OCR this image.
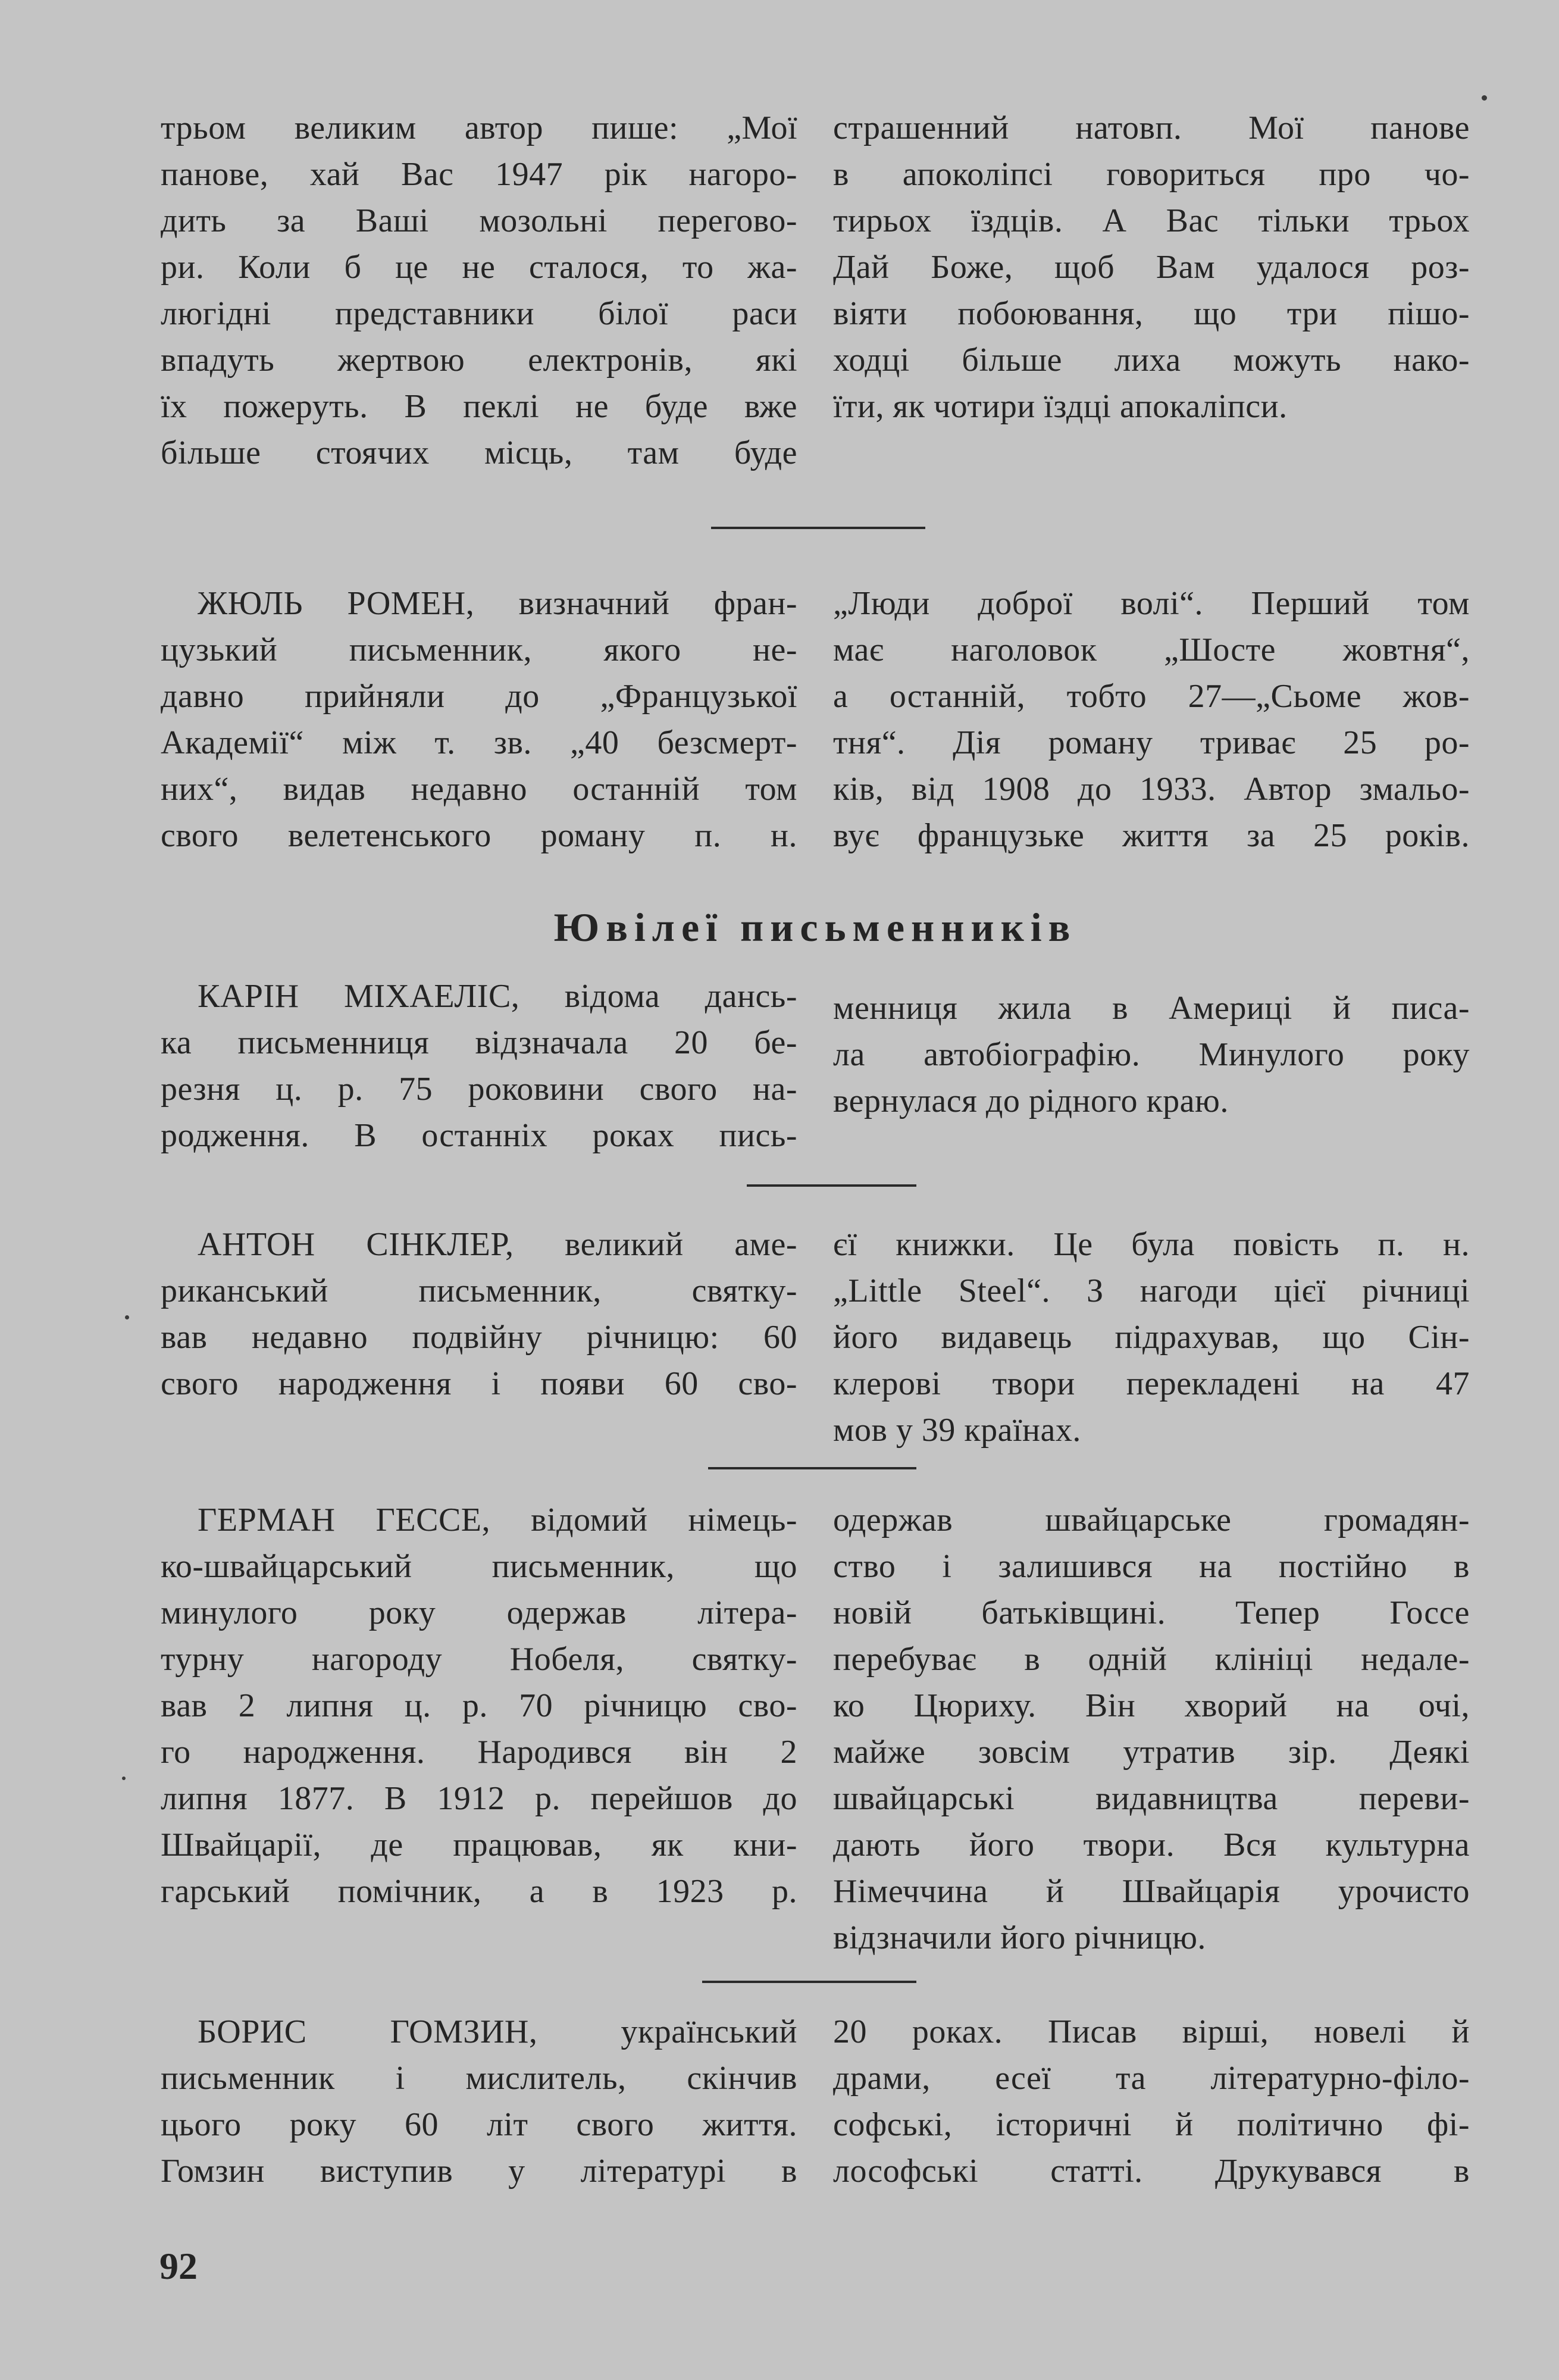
трьом великим автор пише: „Мої
панове, хай Вас 1947 рік нагоро-
дить за Ваші мозольні перегово-
ри. Коли б це не сталося, то жа-
люгідні представники білої раси
впадуть жертвою електронів, які
їх пожеруть. В пеклі не буде вже
більше стоячих місць, там буде
страшенний натовп. Мої панове
в апоколіпсі говориться про чо-
тирьох їздців. А Вас тільки трьох
Дай Боже, щоб Вам удалося роз-
віяти побоювання, що три пішо-
ходці більше лиха можуть нако-
їти, як чотири їздці апокаліпси.
ЖЮЛЬ РОМЕН, визначний фран-
цузький письменник, якого не-
давно прийняли до „Французької
Академії“ між т. зв. „40 безсмерт-
них“, видав недавно останній том
свого велетенського роману п. н.
„Люди доброї волі“. Перший том
має наголовок „Шосте жовтня“,
а останній, тобто 27—„Сьоме жов-
тня“. Дія роману триває 25 ро-
ків, від 1908 до 1933. Автор змальо-
вує французьке життя за 25 років.
Ювілеї письменників
КАРІН МІХАЕЛІС, відома дансь-
ка письменниця відзначала 20 бе-
резня ц. р. 75 роковини свого на-
родження. В останніх роках пись-
менниця жила в Америці й писа-
ла автобіографію. Минулого року
вернулася до рідного краю.
АНТОН СІНКЛЕР, великий аме-
риканський письменник, святку-
вав недавно подвійну річницю: 60
свого народження і появи 60 сво-
єї книжки. Це була повість п. н.
„Little Steel“. З нагоди цієї річниці
його видавець підрахував, що Сін-
клерові твори перекладені на 47
мов у 39 країнах.
ГЕРМАН ГЕССЕ, відомий німець-
ко-швайцарський письменник, що
минулого року одержав літера-
турну нагороду Нобеля, святку-
вав 2 липня ц. р. 70 річницю сво-
го народження. Народився він 2
липня 1877. В 1912 р. перейшов до
Швайцарії, де працював, як кни-
гарський помічник, а в 1923 р.
одержав швайцарське громадян-
ство і залишився на постійно в
новій батьківщині. Тепер Госсе
перебуває в одній клініці недале-
ко Цюриху. Він хворий на очі,
майже зовсім утратив зір. Деякі
швайцарські видавництва переви-
дають його твори. Вся культурна
Німеччина й Швайцарія урочисто
відзначили його річницю.
БОРИС ГОМЗИН, український
письменник і мислитель, скінчив
цього року 60 літ свого життя.
Гомзин виступив у літературі в
20 роках. Писав вірші, новелі й
драми, есеї та літературно-філо-
софські, історичні й політично фі-
лософські статті. Друкувався в
92
